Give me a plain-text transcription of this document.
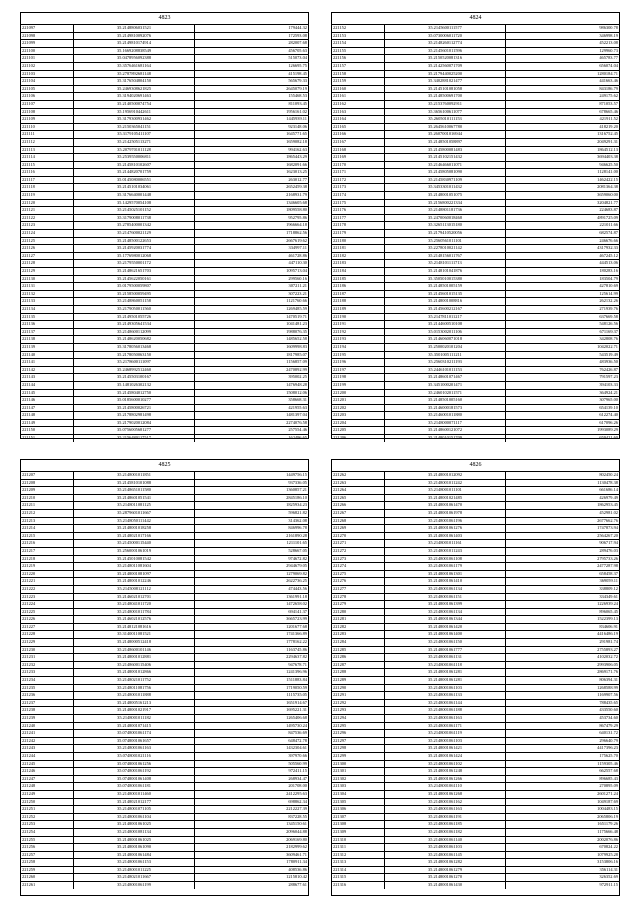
4823
221097	35.2148806031521	179444.32
221098	35.2149810092076	172593.08
221099	35.2149810174914	282007.68
221100	35.1669208838549	456705.63
221101	35.0478956092388	515073.04
221102	35.3576461681164	126695.75
221103	35.2787892681148	415198.45
221104	35.3176504804150	565679.33
221105	35.2469308621825	2645079.19
221106	35.3194020691463	155468.53
221107	35.2140500074754	811093.45
221108	35.1956910442611	1956161.02
221109	35.3179300931462	1445939.11
221110	35.2150365041151	923148.06
221111	35.3179105411107	1645771.65
221112	35.2142505113271	1659082.18
221113	35.2079701011128	994162.63
221114	35.2539550006811	1865443.29
221115	35.2145810102607	1682091.66
221116	35.2144820701759	1623013.25
221117	35.0145080006551	263012.77
221118	35.2145101034061	2652459.38
221119	35.3176640001448	2168931.79
221120	35.1429570054108	1346605.68
221121	35.2145025101152	1809558.80
221122	35.3179008011738	952795.86
221123	35.2785400001342	1966664.18
221124	35.2147600021129	1718862.56
221125	35.2148500122653	2667619.62
221126	35.2145920031774	334997.11
221127	35.1776980012068	461728.86
221128	35.2179550001172	447110.30
221129	35.2148621651703	1095713.04
221130	35.2145622050161	299560.16
221131	35.0179500059807	307211.21
221132	35.2158500059495	307223.21
221133	35.2148860051158	1121760.66
221134	35.2179050011560	1269485.59
221135	35.2149501055726	1470519.71
221136	35.2149305641534	1041481.23
221137	35.2148600112099	1988076.35
221138	35.2148620050682	1485652.58
221139	35.3178056013468	1609998.83
221140	35.2178050063150	1817985.07
221141	35.2178600111097	1156857.09
221142	35.2468992512460	2470892.99
221143	35.2145503100167	395002.25
221144	35.1481026302132	1476948.28
221145	35.2145804012750	1508012.06
221146	35.0185600010277	358668.31
221147	35.2145800026721	421955.63
221148	35.2178802981498	1481397.04
221149	35.2179020012084	2274076.58
221150	35.0756005681277	257554.46
221151	35.2156480117517	162496.65
4824
221152	35.2145600111577	986300.78
221153	35.0730006011720	346998.19
221154	35.2148260112774	452213.08
221155	35.2145601011596	129960.73
221156	35.2150520081316	465783.77
221157	35.2142560071709	656074.04
221158	35.2179440025200	1280184.71
221159	35.3402881021477	441663.46
221160	35.2145101081058	843186.79
221161	35.2148500691700	249175.62
221162	35.2153760092911	871053.57
221163	35.3656100611077	678665.46
221164	35.2605010111153	421911.52
221165	35.2645610067780	418219.20
221166	35.2607001016944	1316752.45
221167	35.2148501058897	2049291.31
221168	35.2145800081483	1864512.13
221169	35.2145102151432	3694403.38
221170	35.2146466011071	946625.50
221171	35.2145805081090	1128141.00
221172	35.2145830971109	1462422.15
221173	35.3453301011432	2081364.38
221174	35.2148001051075	3659060.00
221175	35.2156800221334	3204821.77
221176	35.2148801181736	224683.87
221177	35.2470060018468	4891725.09
221178	35.3265113015180	221011.66
221179	35.2179410520056	682574.87
221180	35.2560561011101	246676.66
221181	35.2278010021142	4317932.33
221182	35.2148156011767	467245.12
221183	35.2148101111713	444513.06
221184	35.2148101041876	180283.16
221185	35.3505010015380	183504.79
221186	35.2148501005159	427810.69
221187	35.2145601015135	125614.99
221188	35.2148001008816	262132.26
221189	35.2145600212167	271939.76
221190	35.2147811011217	637669.58
221191	35.2144600510108	548126.56
221192	35.0153002011106	671169.37
221193	35.2146060071018	342808.76
221194	35.2500020101204	1042022.71
221195	35.3501005111211	543519.49
221196	35.2560310211193	483936.50
221197	35.2446101011153	762426.87
221198	35.2148601071467	791597.23
221199	35.3451000201471	394103.33
221200	35.2460102011571	364924.21
221201	35.2148501005160	307965.00
221202	35.2146000181573	654139.10
221203	35.2146001011880	612274.40
221204	35.2148000071117	617096.26
221205	35.2148600121072	1993089.29
221206	35.2148010151709	659421.60
4825
221207	35.2148001011851	1449756.15
221208	35.2145810101088	937336.05
221209	35.2148651011580	1360857.21
221210	35.2148601051541	2845186.10
221211	35.2148011081125	1825934.23
221212	35.2879601011667	596821.82
221213	35.2148050111442	314362.08
221214	35.2148001018258	846996.78
221215	35.2148021017166	2161890.28
221216	35.2145000115440	1211101.65
221217	35.2560001061019	528667.05
221218	35.2145010081542	974672.82
221219	35.2148011081604	2944679.05
221220	35.2148001081097	1279069.82
221221	35.2148001012246	2622736.25
221222	35.2145008121112	474443.56
221223	35.2146021012701	1361991.18
221224	35.2148041011720	1472658.02
221225	35.2148001011784	694141.37
221226	35.2146021012576	3665723.99
221227	35.2148121081616	1201677.68
221228	35.3140011081521	1741366.89
221229	35.2148000512418	1778162.22
221230	35.2148600101146	1163745.86
221231	35.2148001012881	2294637.82
221232	35.2148600115406	947678.71
221233	35.2148001012866	1241396.96
221234	35.2148021011752	1511883.84
221235	35.2148011081756	1719050.59
221236	35.2148001011888	1115735.05
221237	35.2148005161213	1651914.67
221238	35.2148001021917	1695221.31
221239	35.2148001011182	1265406.68
221240	35.2148001071415	1495730.24
221241	35.0748001061174	847536.69
221242	35.0748001061657	648472.78
221243	35.2148001061163	1432304.61
221244	35.0748001021116	397970.66
221245	35.0748001061256	505560.99
221246	35.0748001061192	972411.15
221247	35.0748001061408	268934.47
221248	35.0748001061181	201708.00
221249	35.2148001011460	2412295.63
221250	35.2148021012177	698862.34
221251	35.2148001071105	2212227.39
221252	35.2148001061104	837228.55
221253	35.2148001061025	1345150.61
221254	35.2148001081134	2096044.88
221255	35.2148001061025	2069169.80
221256	35.2148001061090	2182999.62
221257	35.2148001061484	3609461.71
221258	35.2148001061153	1780911.34
221259	35.2148001011225	408536.86
221260	35.2148021011667	1215810.42
221261	35.2148001061199	288677.61
4826
221262	35.2148001012092	802450.24
221263	35.2148001011242	1130478.38
221264	35.2148001011101	661686.14
221265	35.2148001021485	426979.49
221266	35.2148001061470	1862953.45
221267	35.2148001061978	452981.02
221268	35.2148001061196	2677662.76
221269	35.2148001061276	1747873.94
221270	35.2148001061403	2564267.20
221271	35.2148001011161	906717.94
221272	35.2148001011243	289476.03
221273	35.2148001061108	2795733.26
221274	35.2148001061179	2477287.98
221275	35.2148001061301	658458.37
221276	35.2148001061410	369059.11
221277	35.2148001061134	338809.12
221278	35.2148001061151	334349.61
221279	35.2148001061399	1226939.24
221280	35.2148001061134	896065.45
221281	35.2148001061344	1522399.13
221282	35.2148001061420	834606.91
221283	35.2148001061400	4416486.19
221284	35.2148001061150	291981.74
221285	35.2148001061777	2755893.27
221286	35.2148001061131	4102032.72
221287	35.2148001061118	2993906.05
221288	35.2148001061281	2869171.76
221289	35.2148001061281	806394.31
221290	35.2148001061103	1268588.99
221291	35.2148001061133	1169907.56
221292	35.2148001061144	788435.65
221293	35.2148001061188	433550.60
221294	35.2148001061163	453734.60
221295	35.2148001061171	867479.29
221296	35.2148001061119	640131.72
221297	35.2148001061103	296640.79
221298	35.2148001061421	4417396.23
221299	35.2148001061424	175625.70
221300	35.2148001061102	1159305.46
221301	35.2148001061248	662557.68
221302	35.2148001061266	896685.43
221303	35.2148001061110	270895.09
221304	35.2148001061268	2601271.24
221305	35.2148001061162	1049187.69
221306	35.2148001061163	1004483.15
221307	35.2148001061191	2065806.19
221308	35.2148001061185	1651179.26
221309	35.2148001061182	1175666.48
221310	35.2148001061140	2002076.86
221311	35.2148001061103	670824.22
221312	35.2148001061145	1079925.28
221313	35.2148001061282	3153806.16
221314	35.2148001061279	356114.31
221315	35.2148001061270	326352.69
221316	35.2148001061430	972911.15
